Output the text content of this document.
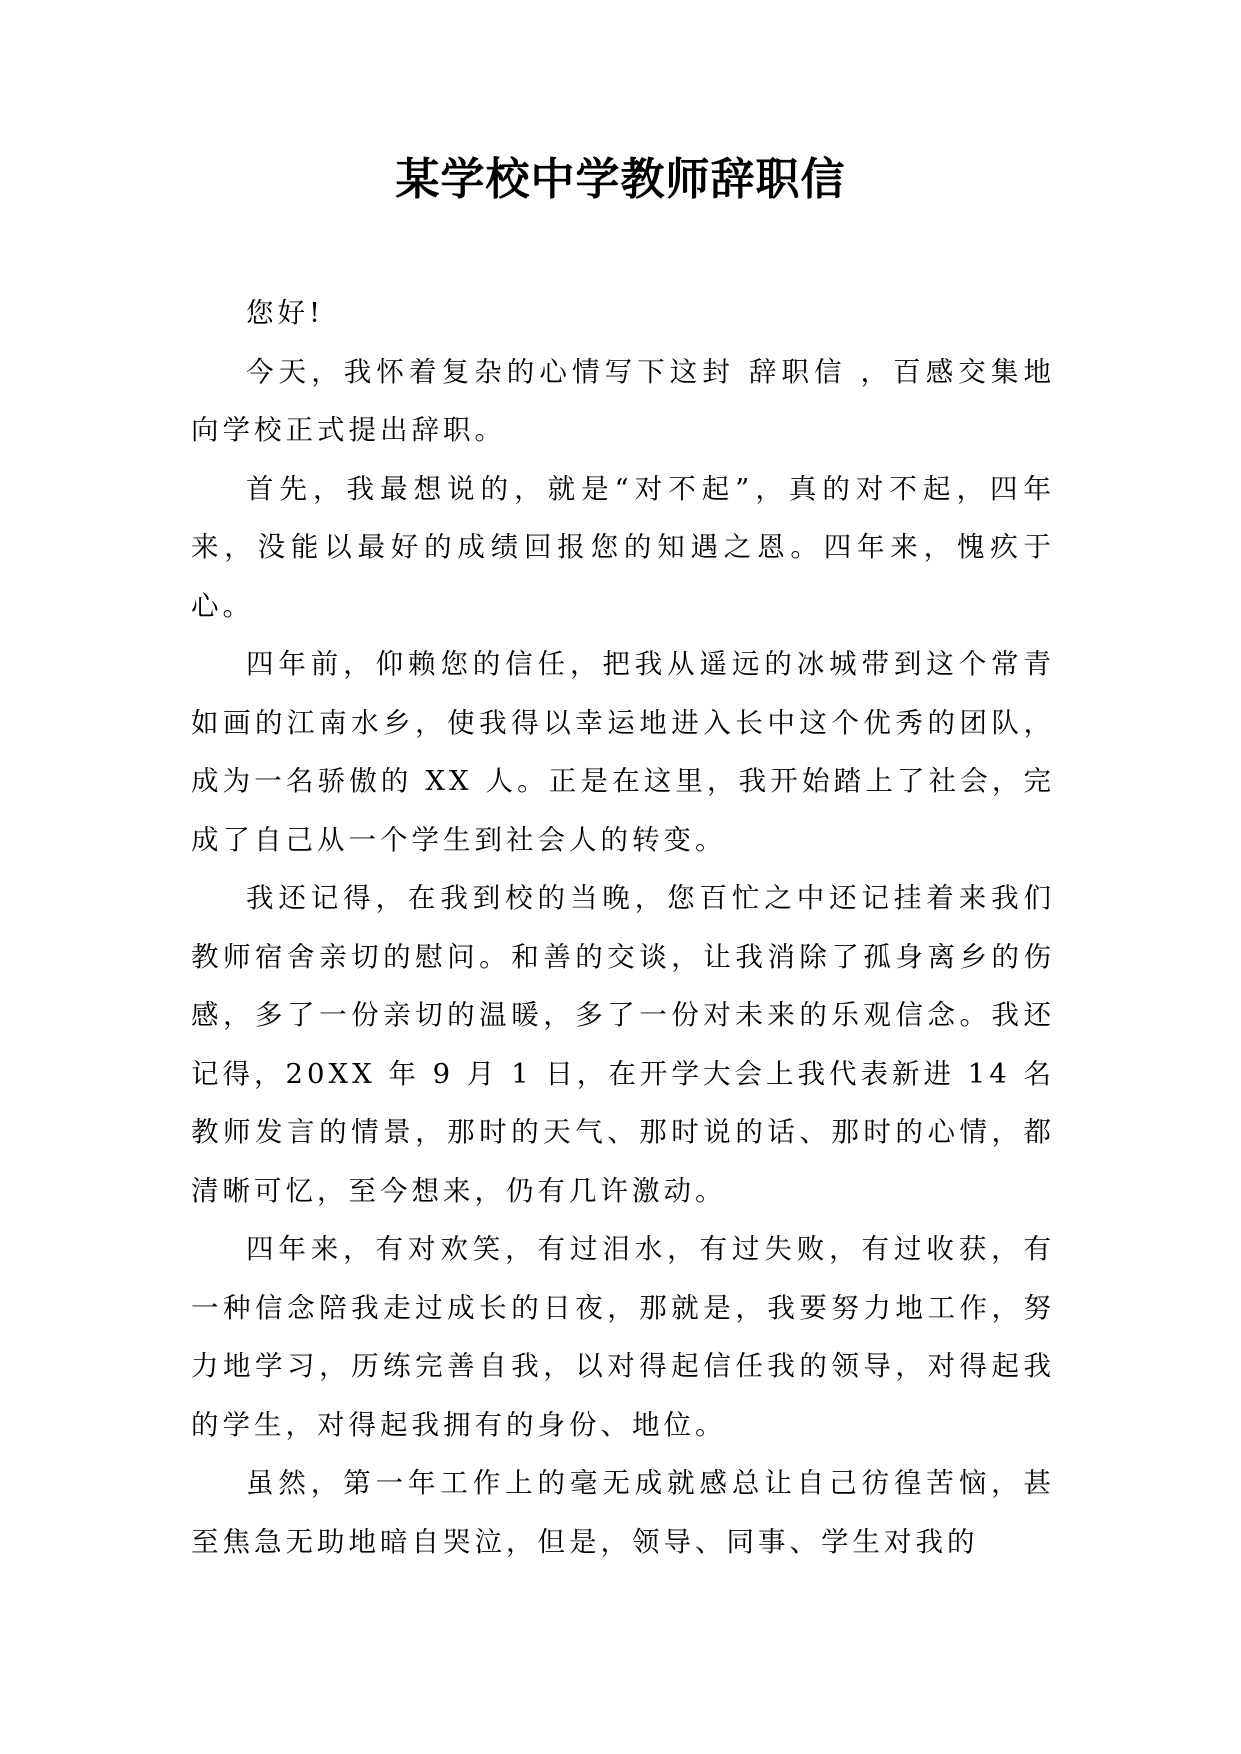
某学校中学教师辞职信

您好!

今天，我怀着复杂的心情写下这封 辞职信 ，百感交集地向学校正式提出辞职。

首先，我最想说的，就是“对不起”，真的对不起，四年来，没能以最好的成绩回报您的知遇之恩。四年来，愧疚于心。

四年前，仰赖您的信任，把我从遥远的冰城带到这个常青如画的江南水乡，使我得以幸运地进入长中这个优秀的团队，成为一名骄傲的 XX 人。正是在这里，我开始踏上了社会，完成了自己从一个学生到社会人的转变。

我还记得，在我到校的当晚，您百忙之中还记挂着来我们教师宿舍亲切的慰问。和善的交谈，让我消除了孤身离乡的伤感，多了一份亲切的温暖，多了一份对未来的乐观信念。我还记得，20XX 年 9 月 1 日，在开学大会上我代表新进 14 名教师发言的情景，那时的天气、那时说的话、那时的心情，都清晰可忆，至今想来，仍有几许激动。

四年来，有对欢笑，有过泪水，有过失败，有过收获，有一种信念陪我走过成长的日夜，那就是，我要努力地工作，努力地学习，历练完善自我，以对得起信任我的领导，对得起我的学生，对得起我拥有的身份、地位。

虽然，第一年工作上的毫无成就感总让自己彷徨苦恼，甚至焦急无助地暗自哭泣，但是，领导、同事、学生对我的
